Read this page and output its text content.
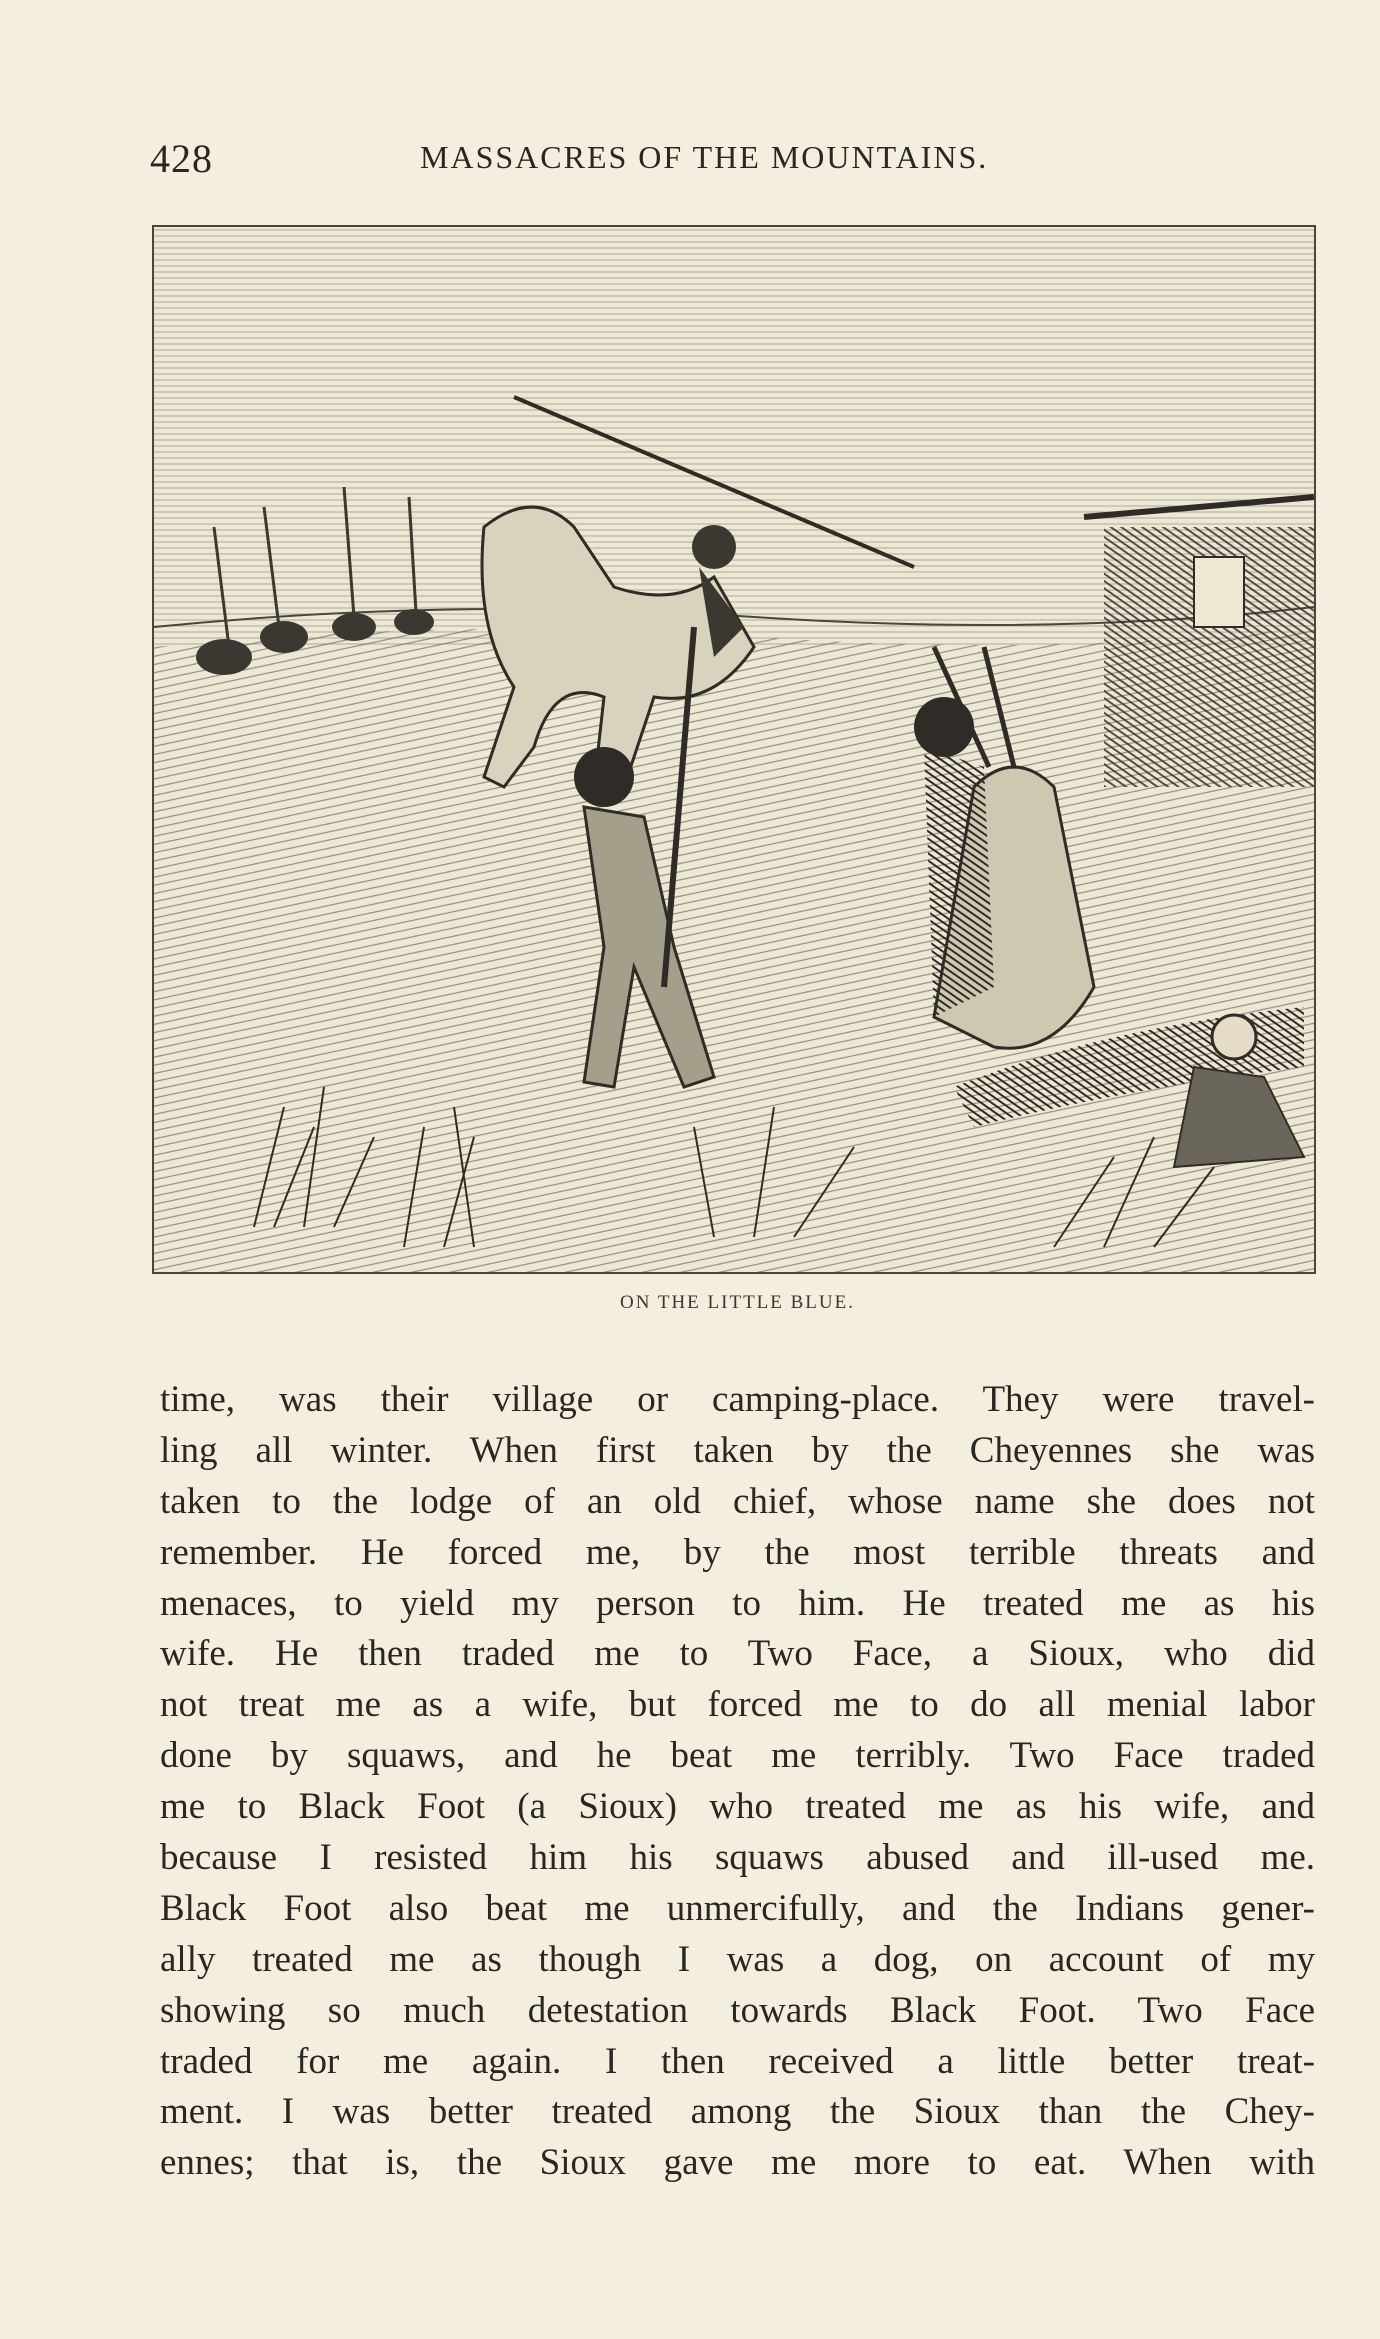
428	MASSACRES OF THE MOUNTAINS.
ON THE LITTLE BLUE.
time, was their village or camping-place. They were travel-
ling all winter. When first taken by the Cheyennes she was
taken to the lodge of an old chief, whose name she does not
remember. He forced me, by the most terrible threats and
menaces, to yield my person to him. He treated me as his
wife. He then traded me to Two Face, a Sioux, who did
not treat me as a wife, but forced me to do all menial labor
done by squaws, and he beat me terribly. Two Face traded
me to Black Foot (a Sioux) who treated me as his wife, and
because I resisted him his squaws abused and ill-used me.
Black Foot also beat me unmercifully, and the Indians gener-
ally treated me as though I was a dog, on account of my
showing so much detestation towards Black Foot. Two Face
traded for me again. I then received a little better treat-
ment. I was better treated among the Sioux than the Chey-
ennes; that is, the Sioux gave me more to eat. When with
